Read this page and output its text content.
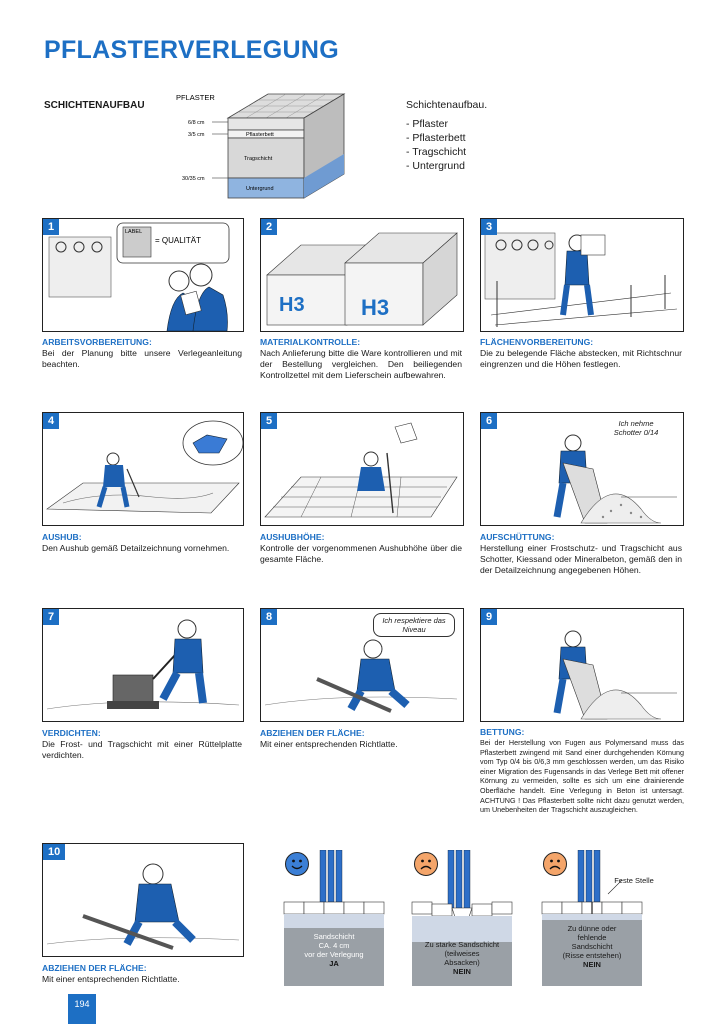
PFLASTERVERLEGUNG
SCHICHTENAUFBAU
PFLASTER
6/8 cm
3/5 cm
30/35 cm
Pflasterbett
Tragschicht
Untergrund
Schichtenaufbau.
- Pflaster
- Pflasterbett
- Tragschicht
- Untergrund
1	LABEL
= QUALITÄT
ARBEITSVORBEREITUNG:
Bei der Planung bitte unsere Verlegeanleitung beachten.
2
H3	H3
MATERIALKONTROLLE:
Nach Anlieferung bitte die Ware kontrollieren und mit der Bestellung vergleichen. Den beiliegenden Kontrollzettel mit dem Lieferschein aufbewahren.
3
FLÄCHENVORBEREITUNG:
Die zu belegende Fläche abstecken, mit Richtschnur eingrenzen und die Höhen festlegen.
4
AUSHUB:
Den Aushub gemäß Detailzeichnung vornehmen.
5
AUSHUBHÖHE:
Kontrolle der vorgenommenen Aushubhöhe über die gesamte Fläche.
6	Ich nehme Schotter 0/14
AUFSCHÜTTUNG:
Herstellung einer Frostschutz- und Tragschicht aus Schotter, Kiessand oder Mineralbeton, gemäß den in der Detailzeichnung angegebenen Höhen.
7
VERDICHTEN:
Die Frost- und Tragschicht mit einer Rüttelplatte verdichten.
8	Ich respektiere das Niveau
ABZIEHEN DER FLÄCHE:
Mit einer entsprechenden Richtlatte.
9
BETTUNG:
Bei der Herstellung von Fugen aus Polymersand muss das Pflasterbett zwingend mit Sand einer durchgehenden Körnung vom Typ 0/4 bis 0/6,3 mm geschlossen werden, um das Risiko einer Migration des Fugensands in das Verlege Bett mit offener Körnung zu vermeiden, sollte es sich um eine drainierende Oberfläche handelt. Eine Verlegung in Beton ist untersagt. ACHTUNG ! Das Pflasterbett sollte nicht dazu genutzt werden, um Unebenheiten der Tragschicht auszugleichen.
10
ABZIEHEN DER FLÄCHE:
Mit einer entsprechenden Richtlatte.
Sandschicht
CA. 4 cm
vor der Verlegung
JA
Zu starke Sandschicht
(teilweises
Absacken)
NEIN
Feste Stelle
Zu dünne oder
fehlende
Sandschicht
(Risse entstehen)
NEIN
194
